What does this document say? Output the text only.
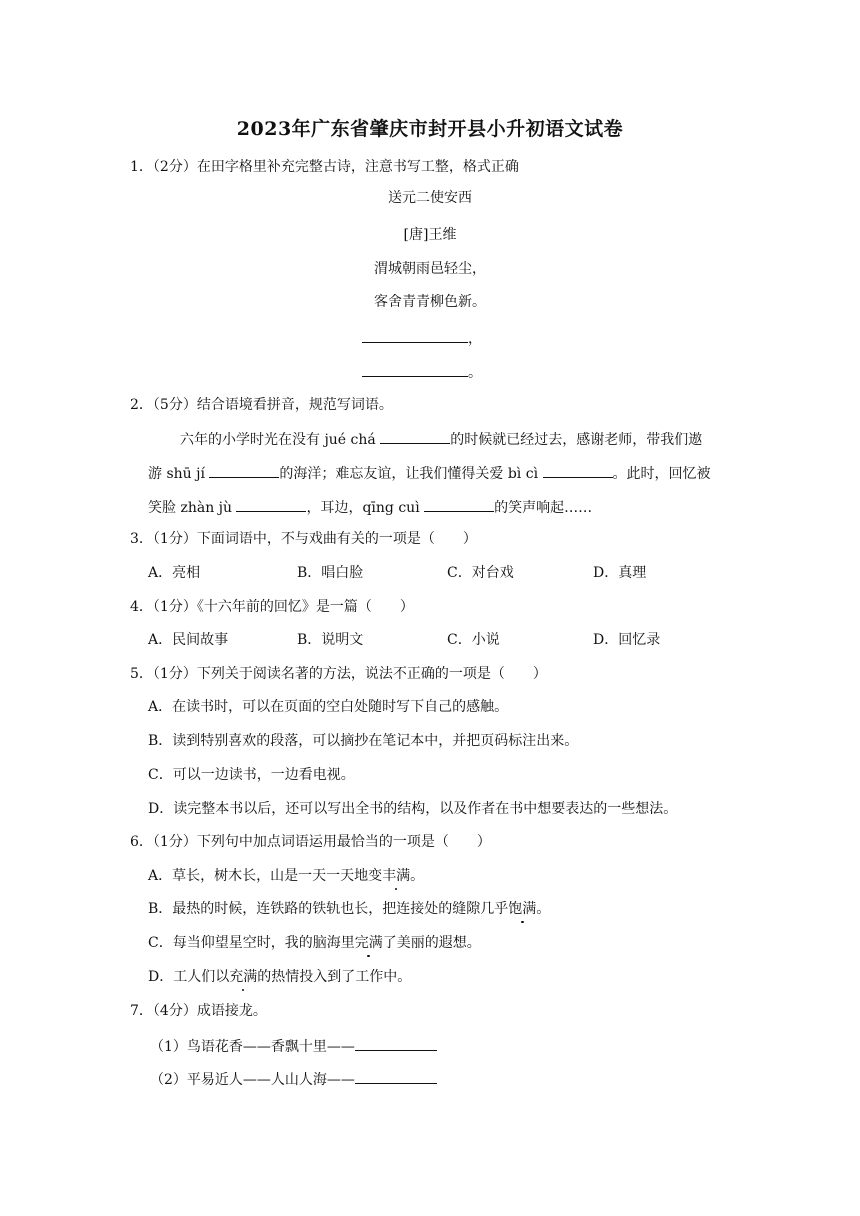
2023年广东省肇庆市封开县小升初语文试卷
1．（2分）在田字格里补充完整古诗，注意书写工整，格式正确
送元二使安西
[唐]王维
渭城朝雨邑轻尘，
客舍青青柳色新。
，
。
2．（5分）结合语境看拼音，规范写词语。
六年的小学时光在没有 jué chá	的时候就已经过去，感谢老师，带我们遨
游 shū jí	的海洋；难忘友谊，让我们懂得关爱 bì cì	。此时，回忆被
笑脸 zhàn jù	，耳边，qīng cuì	的笑声响起……
3．（1分）下面词语中，不与戏曲有关的一项是（　　）
A．亮相	B．唱白脸	C．对台戏	D．真理
4．（1分）《十六年前的回忆》是一篇（　　）
A．民间故事	B．说明文	C．小说	D．回忆录
5．（1分）下列关于阅读名著的方法，说法不正确的一项是（　　）
A．在读书时，可以在页面的空白处随时写下自己的感触。
B．读到特别喜欢的段落，可以摘抄在笔记本中，并把页码标注出来。
C．可以一边读书，一边看电视。
D．读完整本书以后，还可以写出全书的结构，以及作者在书中想要表达的一些想法。
6．（1分）下列句中加点词语运用最恰当的一项是（　　）
A．草长，树木长，山是一天一天地变丰满。
B．最热的时候，连铁路的铁轨也长，把连接处的缝隙几乎饱满。
C．每当仰望星空时，我的脑海里完满了美丽的遐想。
D．工人们以充满的热情投入到了工作中。
7．（4分）成语接龙。
（1）鸟语花香——香飘十里——
（2）平易近人——人山人海——
